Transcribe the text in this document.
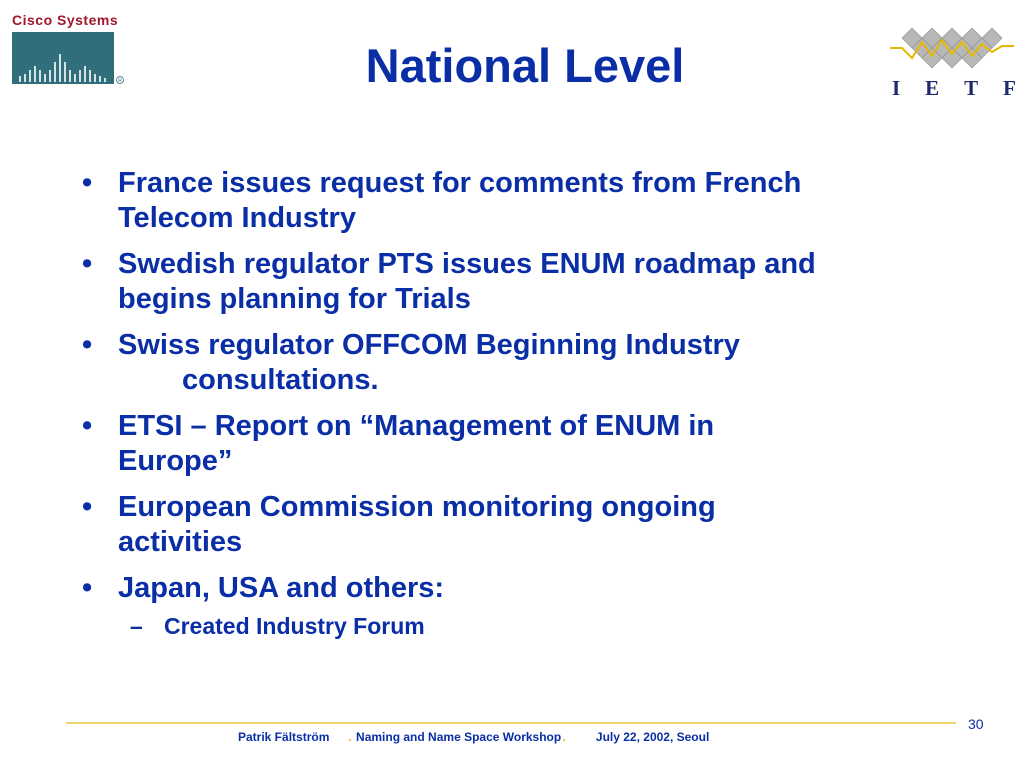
Cisco Systems
R	National Level	I E T F
• France issues request for comments from French
Telecom Industry
• Swedish regulator PTS issues ENUM roadmap and
begins planning for Trials
• Swiss regulator OFFCOM Beginning Industry
consultations.
• ETSI – Report on “Management of ENUM in
Europe”
• European Commission monitoring ongoing
activities
• Japan, USA and others:
– Created Industry Forum
30
Patrik Fältström . Naming and Name Space Workshop.	July 22, 2002, Seoul
